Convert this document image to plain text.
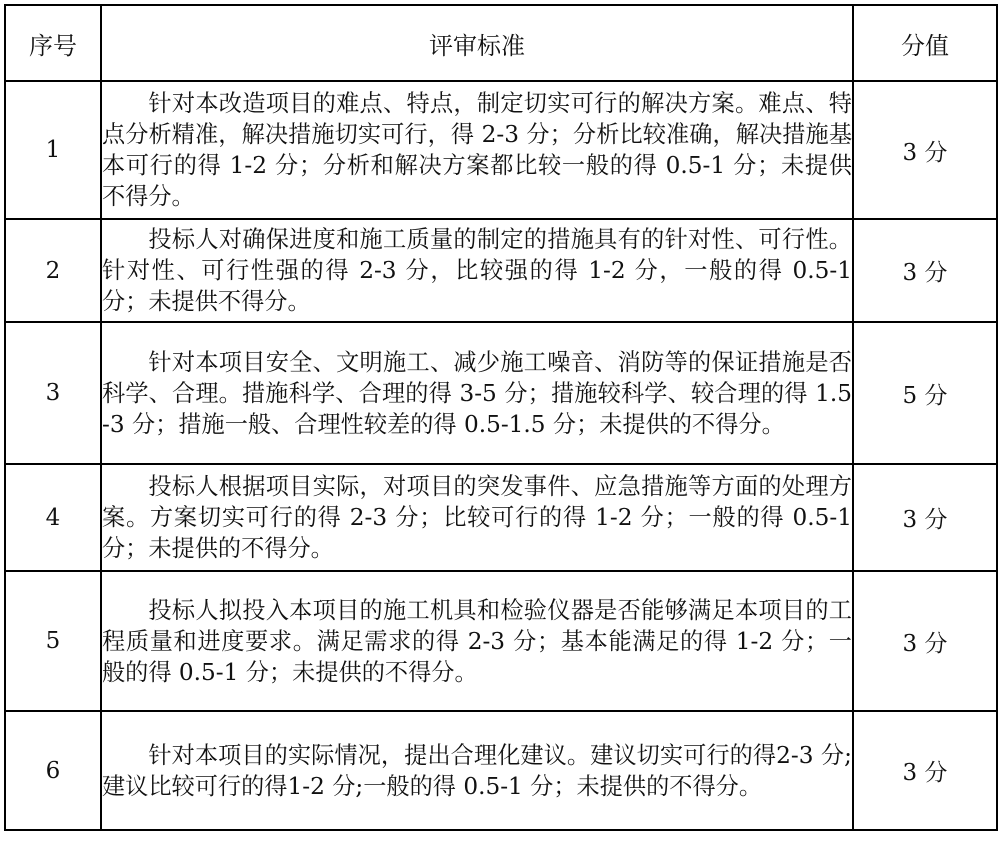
序号	评审标准	分值
1	针对本改造项目的难点、特点，制定切实可行的解决方案。难点、特点分析精准，解决措施切实可行，得 2-3 分；分析比较准确，解决措施基本可行的得 1-2 分；分析和解决方案都比较一般的得 0.5-1 分；未提供不得分。	3 分
2	投标人对确保进度和施工质量的制定的措施具有的针对性、可行性。针对性、可行性强的得 2-3 分，比较强的得 1-2 分，一般的得 0.5-1 分；未提供不得分。	3 分
3	针对本项目安全、文明施工、减少施工噪音、消防等的保证措施是否科学、合理。措施科学、合理的得 3-5 分；措施较科学、较合理的得 1.5-3 分；措施一般、合理性较差的得 0.5-1.5 分；未提供的不得分。	5 分
4	投标人根据项目实际，对项目的突发事件、应急措施等方面的处理方案。方案切实可行的得 2-3 分；比较可行的得 1-2 分；一般的得 0.5-1 分；未提供的不得分。	3 分
5	投标人拟投入本项目的施工机具和检验仪器是否能够满足本项目的工程质量和进度要求。满足需求的得 2-3 分；基本能满足的得 1-2 分；一般的得 0.5-1 分；未提供的不得分。	3 分
6	针对本项目的实际情况，提出合理化建议。建议切实可行的得2-3 分;建议比较可行的得1-2 分;一般的得 0.5-1 分；未提供的不得分。	3 分
